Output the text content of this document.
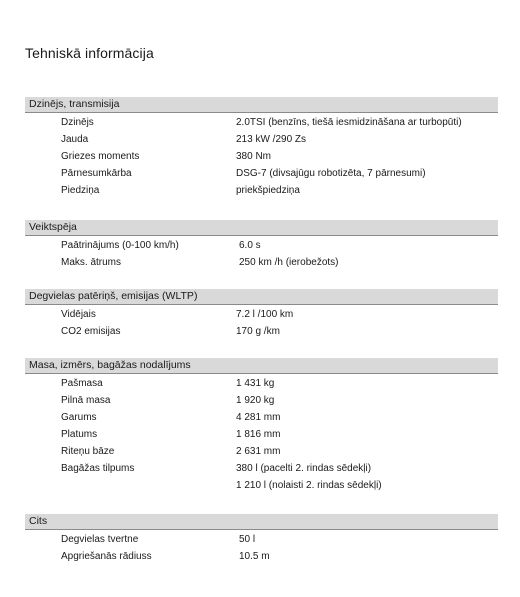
Tehniskā informācija
Dzinējs, transmisija
Dzinējs	2.0TSI (benzīns, tiešā iesmidzināšana ar turbopūti)
Jauda	213 kW /290 Zs
Griezes moments	380 Nm
Pārnesumkārba	DSG-7 (divsajūgu robotizēta, 7 pārnesumi)
Piedziņa	priekšpiedziņa
Veiktspēja
Paātrinājums (0-100 km/h)	6.0 s
Maks. ātrums	250 km /h (ierobežots)
Degvielas patēriņš, emisijas (WLTP)
Vidējais	7.2 l /100 km
CO2 emisijas	170 g /km
Masa, izmērs, bagāžas nodalījums
Pašmasa	1 431 kg
Pilnā masa	1 920 kg
Garums	4 281 mm
Platums	1 816 mm
Riteņu bāze	2 631 mm
Bagāžas tilpums	380 l (pacelti 2. rindas sēdekļi)
1 210 l (nolaisti 2. rindas sēdekļi)
Cits
Degvielas tvertne	50 l
Apgriešanās rādiuss	10.5 m
